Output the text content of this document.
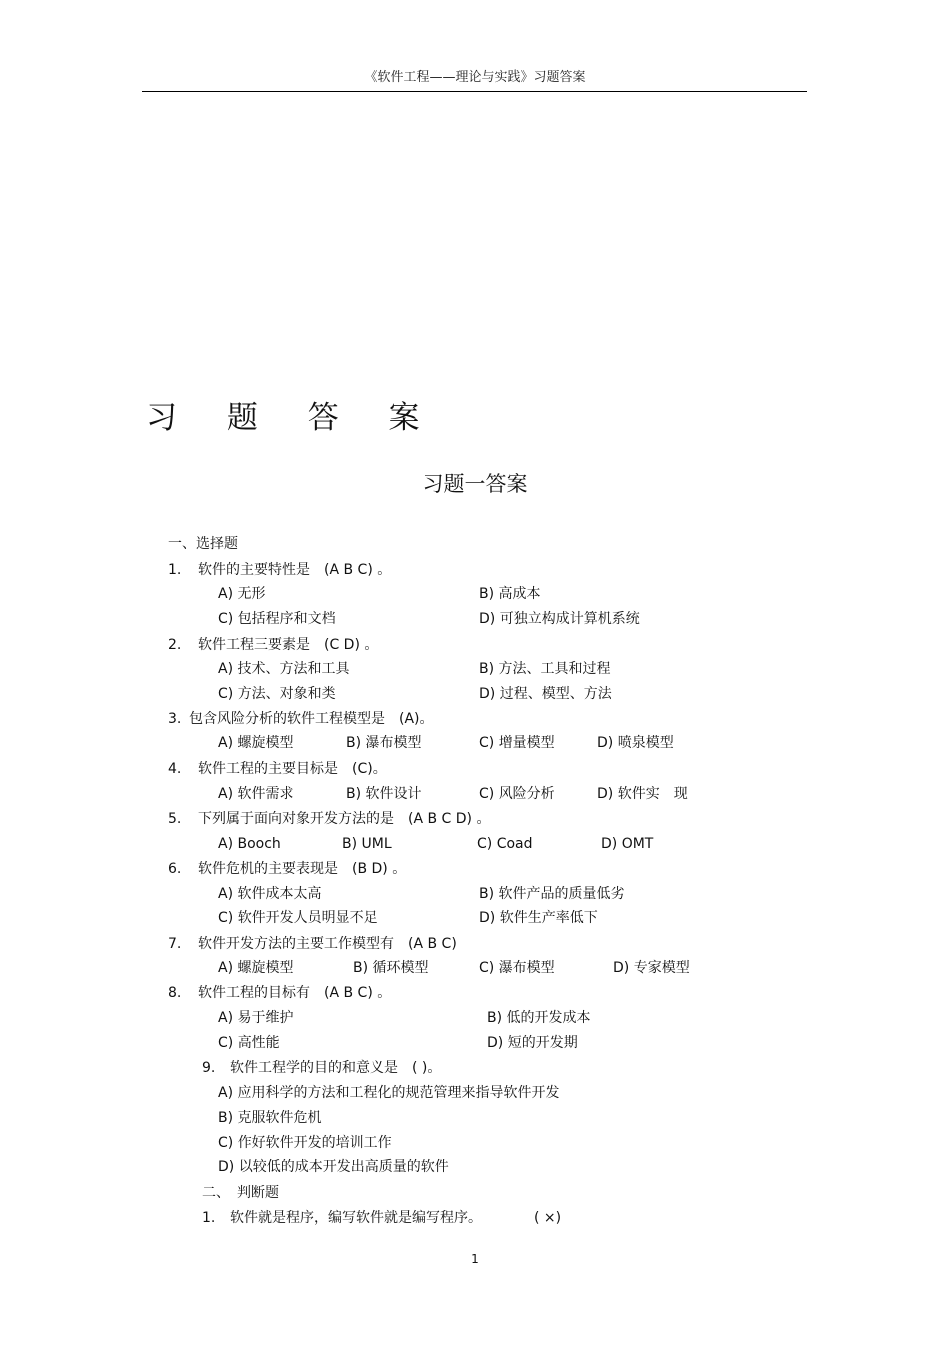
《软件工程——理论与实践》习题答案
习 题 答 案
习题一答案
一、选择题
1. 软件的主要特性是　(A B C) 。
A) 无形	B) 高成本
C) 包括程序和文档	D) 可独立构成计算机系统
2. 软件工程三要素是　(C D) 。
A) 技术、方法和工具	B) 方法、工具和过程
C) 方法、对象和类	D) 过程、模型、方法
3. 包含风险分析的软件工程模型是　(A)。
A) 螺旋模型	B) 瀑布模型	C) 增量模型	D) 喷泉模型
4. 软件工程的主要目标是　(C)。
A) 软件需求	B) 软件设计	C) 风险分析	D) 软件实　现
5. 下列属于面向对象开发方法的是　(A B C D) 。
A) Booch	B) UML	C) Coad	D) OMT
6. 软件危机的主要表现是　(B D) 。
A) 软件成本太高	B) 软件产品的质量低劣
C) 软件开发人员明显不足	D) 软件生产率低下
7. 软件开发方法的主要工作模型有　(A B C)
A) 螺旋模型	B) 循环模型	C) 瀑布模型	D) 专家模型
8. 软件工程的目标有　(A B C) 。
A) 易于维护	B) 低的开发成本
C) 高性能	D) 短的开发期
9. 软件工程学的目的和意义是　( )。
A) 应用科学的方法和工程化的规范管理来指导软件开发
B) 克服软件危机
C) 作好软件开发的培训工作
D) 以较低的成本开发出高质量的软件
二、　判断题
1. 软件就是程序，编写软件就是编写程序。	( ×)
1
